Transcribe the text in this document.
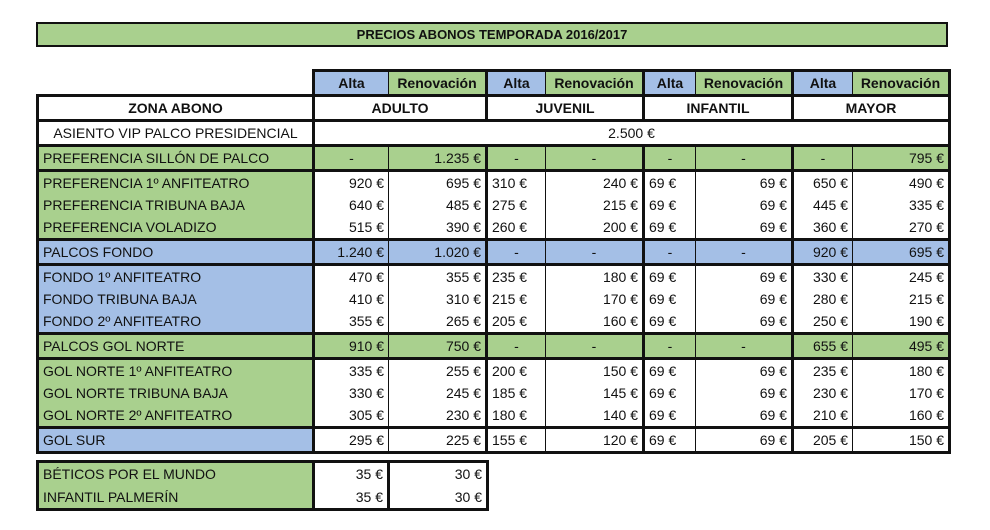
PRECIOS ABONOS TEMPORADA 2016/2017
	Alta	Renovación	Alta	Renovación	Alta	Renovación	Alta	Renovación
ZONA ABONO	ADULTO		JUVENIL		INFANTIL		MAYOR	
ASIENTO VIP PALCO PRESIDENCIAL	2.500 €							
PREFERENCIA SILLÓN DE PALCO	-	1.235 €	-	-	-	-	-	795 €
PREFERENCIA 1º ANFITEATRO	920 €	695 €	310 €	240 €	69 €	69 €	650 €	490 €
PREFERENCIA TRIBUNA BAJA	640 €	485 €	275 €	215 €	69 €	69 €	445 €	335 €
PREFERENCIA VOLADIZO	515 €	390 €	260 €	200 €	69 €	69 €	360 €	270 €
PALCOS FONDO	1.240 €	1.020 €	-	-	-	-	920 €	695 €
FONDO 1º ANFITEATRO	470 €	355 €	235 €	180 €	69 €	69 €	330 €	245 €
FONDO TRIBUNA BAJA	410 €	310 €	215 €	170 €	69 €	69 €	280 €	215 €
FONDO 2º ANFITEATRO	355 €	265 €	205 €	160 €	69 €	69 €	250 €	190 €
PALCOS GOL NORTE	910 €	750 €	-	-	-	-	655 €	495 €
GOL NORTE 1º ANFITEATRO	335 €	255 €	200 €	150 €	69 €	69 €	235 €	180 €
GOL NORTE TRIBUNA BAJA	330 €	245 €	185 €	145 €	69 €	69 €	230 €	170 €
GOL NORTE 2º ANFITEATRO	305 €	230 €	180 €	140 €	69 €	69 €	210 €	160 €
GOL SUR	295 €	225 €	155 €	120 €	69 €	69 €	205 €	150 €
BÉTICOS POR EL MUNDO	35 €	30 €
INFANTIL PALMERÍN	35 €	30 €
